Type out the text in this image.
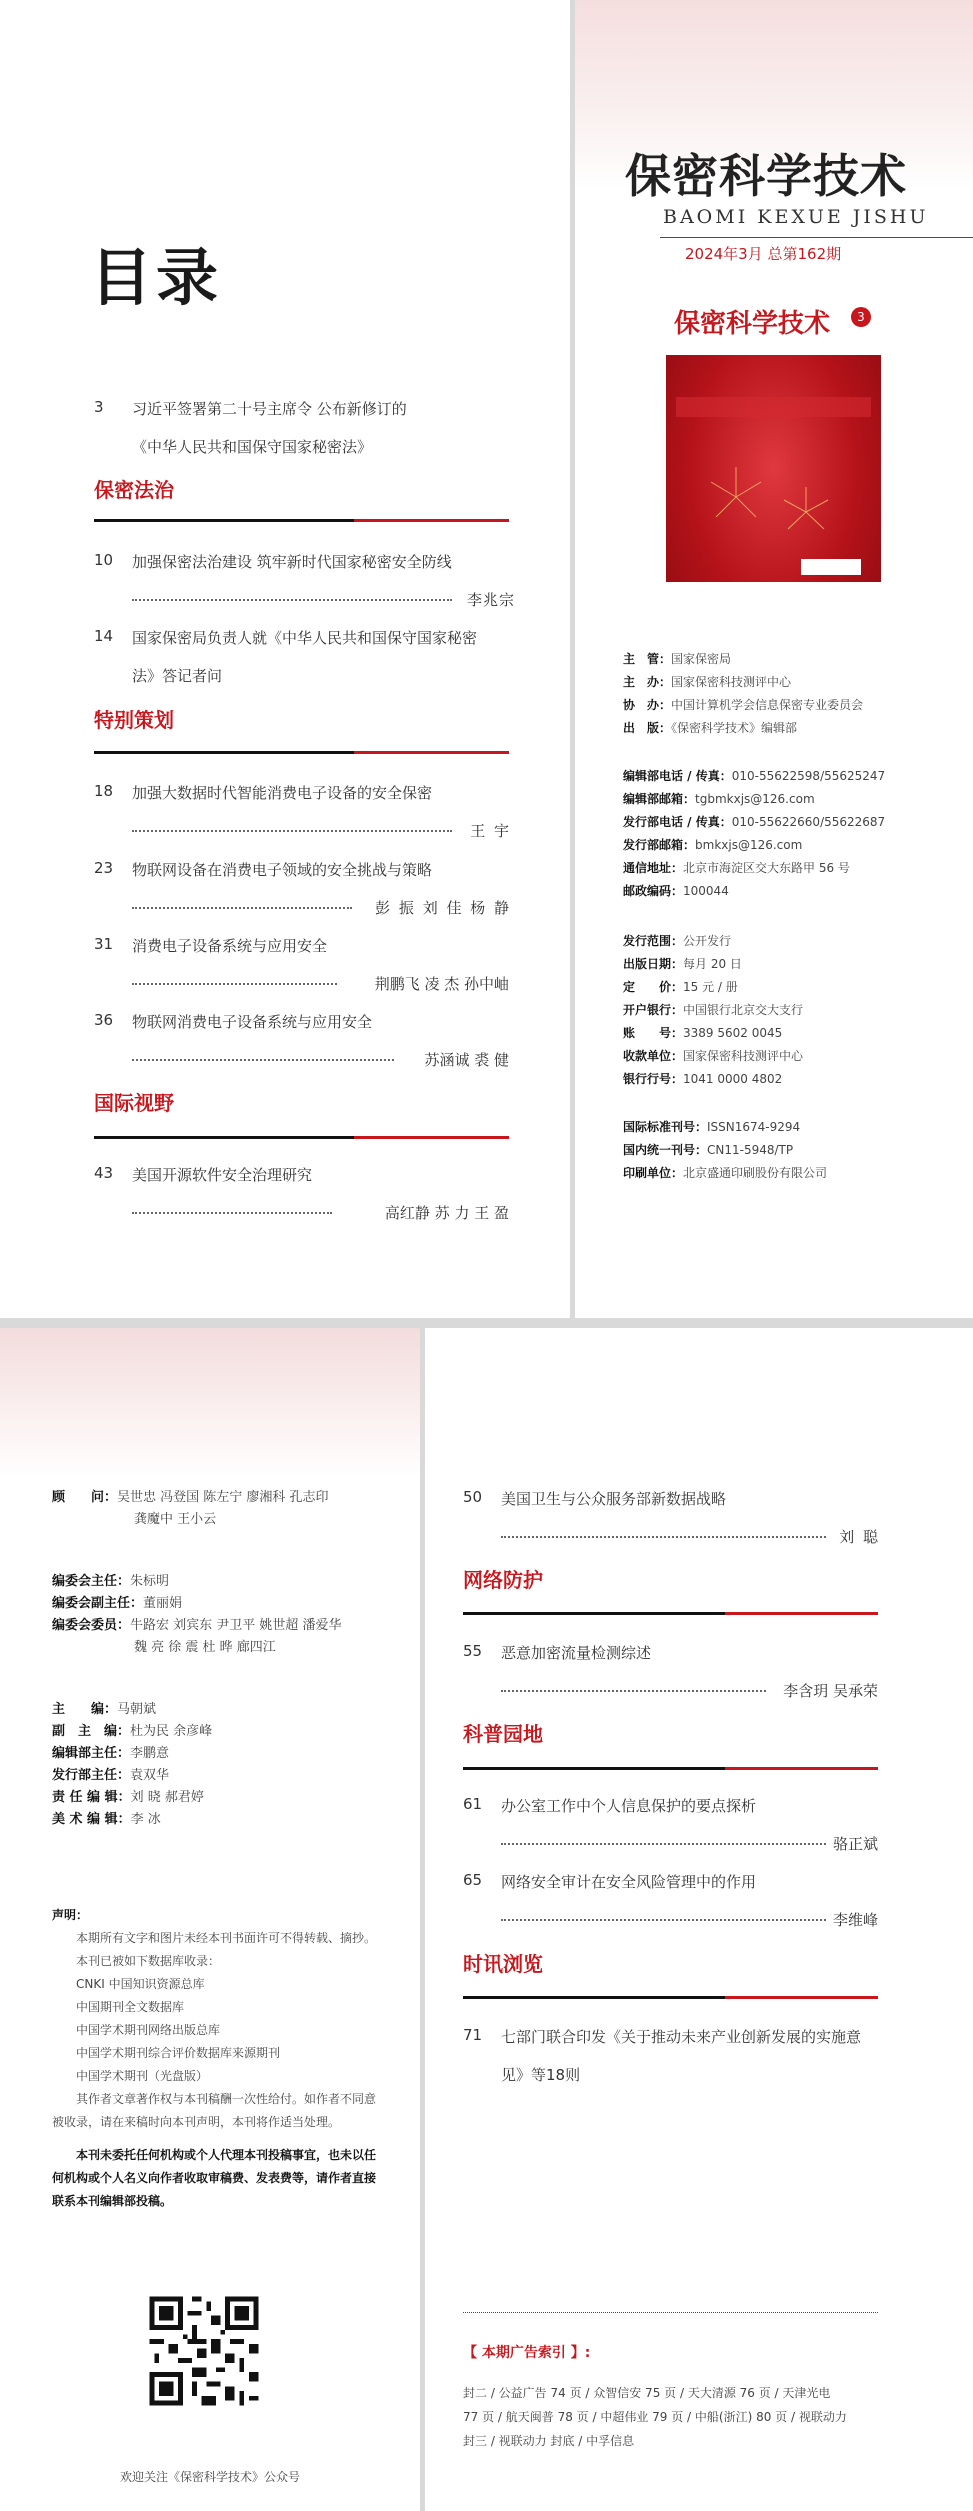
目录
3	习近平签署第二十号主席令 公布新修订的
《中华人民共和国保守国家秘密法》
保密法治
10	加强保密法治建设 筑牢新时代国家秘密安全防线
李兆宗
14	国家保密局负责人就《中华人民共和国保守国家秘密
法》答记者问
特别策划
18	加强大数据时代智能消费电子设备的安全保密
王 宇
23	物联网设备在消费电子领域的安全挑战与策略
彭 振 刘 佳 杨 静
31	消费电子设备系统与应用安全
荆鹏飞 凌 杰 孙中岫
36	物联网消费电子设备系统与应用安全
苏涵诚 裘 健
国际视野
43	美国开源软件安全治理研究
高红静 苏 力 王 盈
保密科学技术
BAOMI KEXUE JISHU
2024年3月 总第162期
保密科学技术	3
主　管：国家保密局
主　办：国家保密科技测评中心
协　办：中国计算机学会信息保密专业委员会
出　版：《保密科学技术》编辑部
编辑部电话 / 传真：010-55622598/55625247
编辑部邮箱：tgbmkxjs@126.com
发行部电话 / 传真：010-55622660/55622687
发行部邮箱：bmkxjs@126.com
通信地址：北京市海淀区交大东路甲 56 号
邮政编码：100044
发行范围：公开发行
出版日期：每月 20 日
定　　价：15 元 / 册
开户银行：中国银行北京交大支行
账　　号：3389 5602 0045
收款单位：国家保密科技测评中心
银行行号：1041 0000 4802
国际标准刊号：ISSN1674-9294
国内统一刊号：CN11-5948/TP
印刷单位：北京盛通印刷股份有限公司
顾　　问：吴世忠 冯登国 陈左宁 廖湘科 孔志印
龚魔中 王小云
编委会主任：朱标明
编委会副主任：董丽娟
编委会委员：牛路宏 刘宾东 尹卫平 姚世超 潘爱华
魏 亮 徐 震 杜 晔 廊四江
主　　编：马朝斌
副　主　编：杜为民 余彦峰
编辑部主任：李鹏意
发行部主任：袁双华
责 任 编 辑：刘 晓 郝君婷
美 术 编 辑：李 冰
声明：
本期所有文字和图片未经本刊书面许可不得转载、摘抄。
本刊已被如下数据库收录：
CNKI 中国知识资源总库
中国期刊全文数据库
中国学术期刊网络出版总库
中国学术期刊综合评价数据库来源期刊
中国学术期刊（光盘版）
其作者文章著作权与本刊稿酬一次性给付。如作者不同意被收录，请在来稿时向本刊声明，本刊将作适当处理。
本刊未委托任何机构或个人代理本刊投稿事宜，也未以任何机构或个人名义向作者收取审稿费、发表费等，请作者直接联系本刊编辑部投稿。
欢迎关注《保密科学技术》公众号
50	美国卫生与公众服务部新数据战略
刘 聪
网络防护
55	恶意加密流量检测综述
李含玥 吴承荣
科普园地
61	办公室工作中个人信息保护的要点探析
骆正斌
65	网络安全审计在安全风险管理中的作用
李维峰
时讯浏览
71	七部门联合印发《关于推动未来产业创新发展的实施意
见》等18则
【 本期广告索引 】:
封二 / 公益广告 74 页 / 众智信安 75 页 / 天大清源 76 页 / 天津光电
77 页 / 航天闽普 78 页 / 中超伟业 79 页 / 中船(浙江) 80 页 / 视联动力
封三 / 视联动力 封底 / 中孚信息
